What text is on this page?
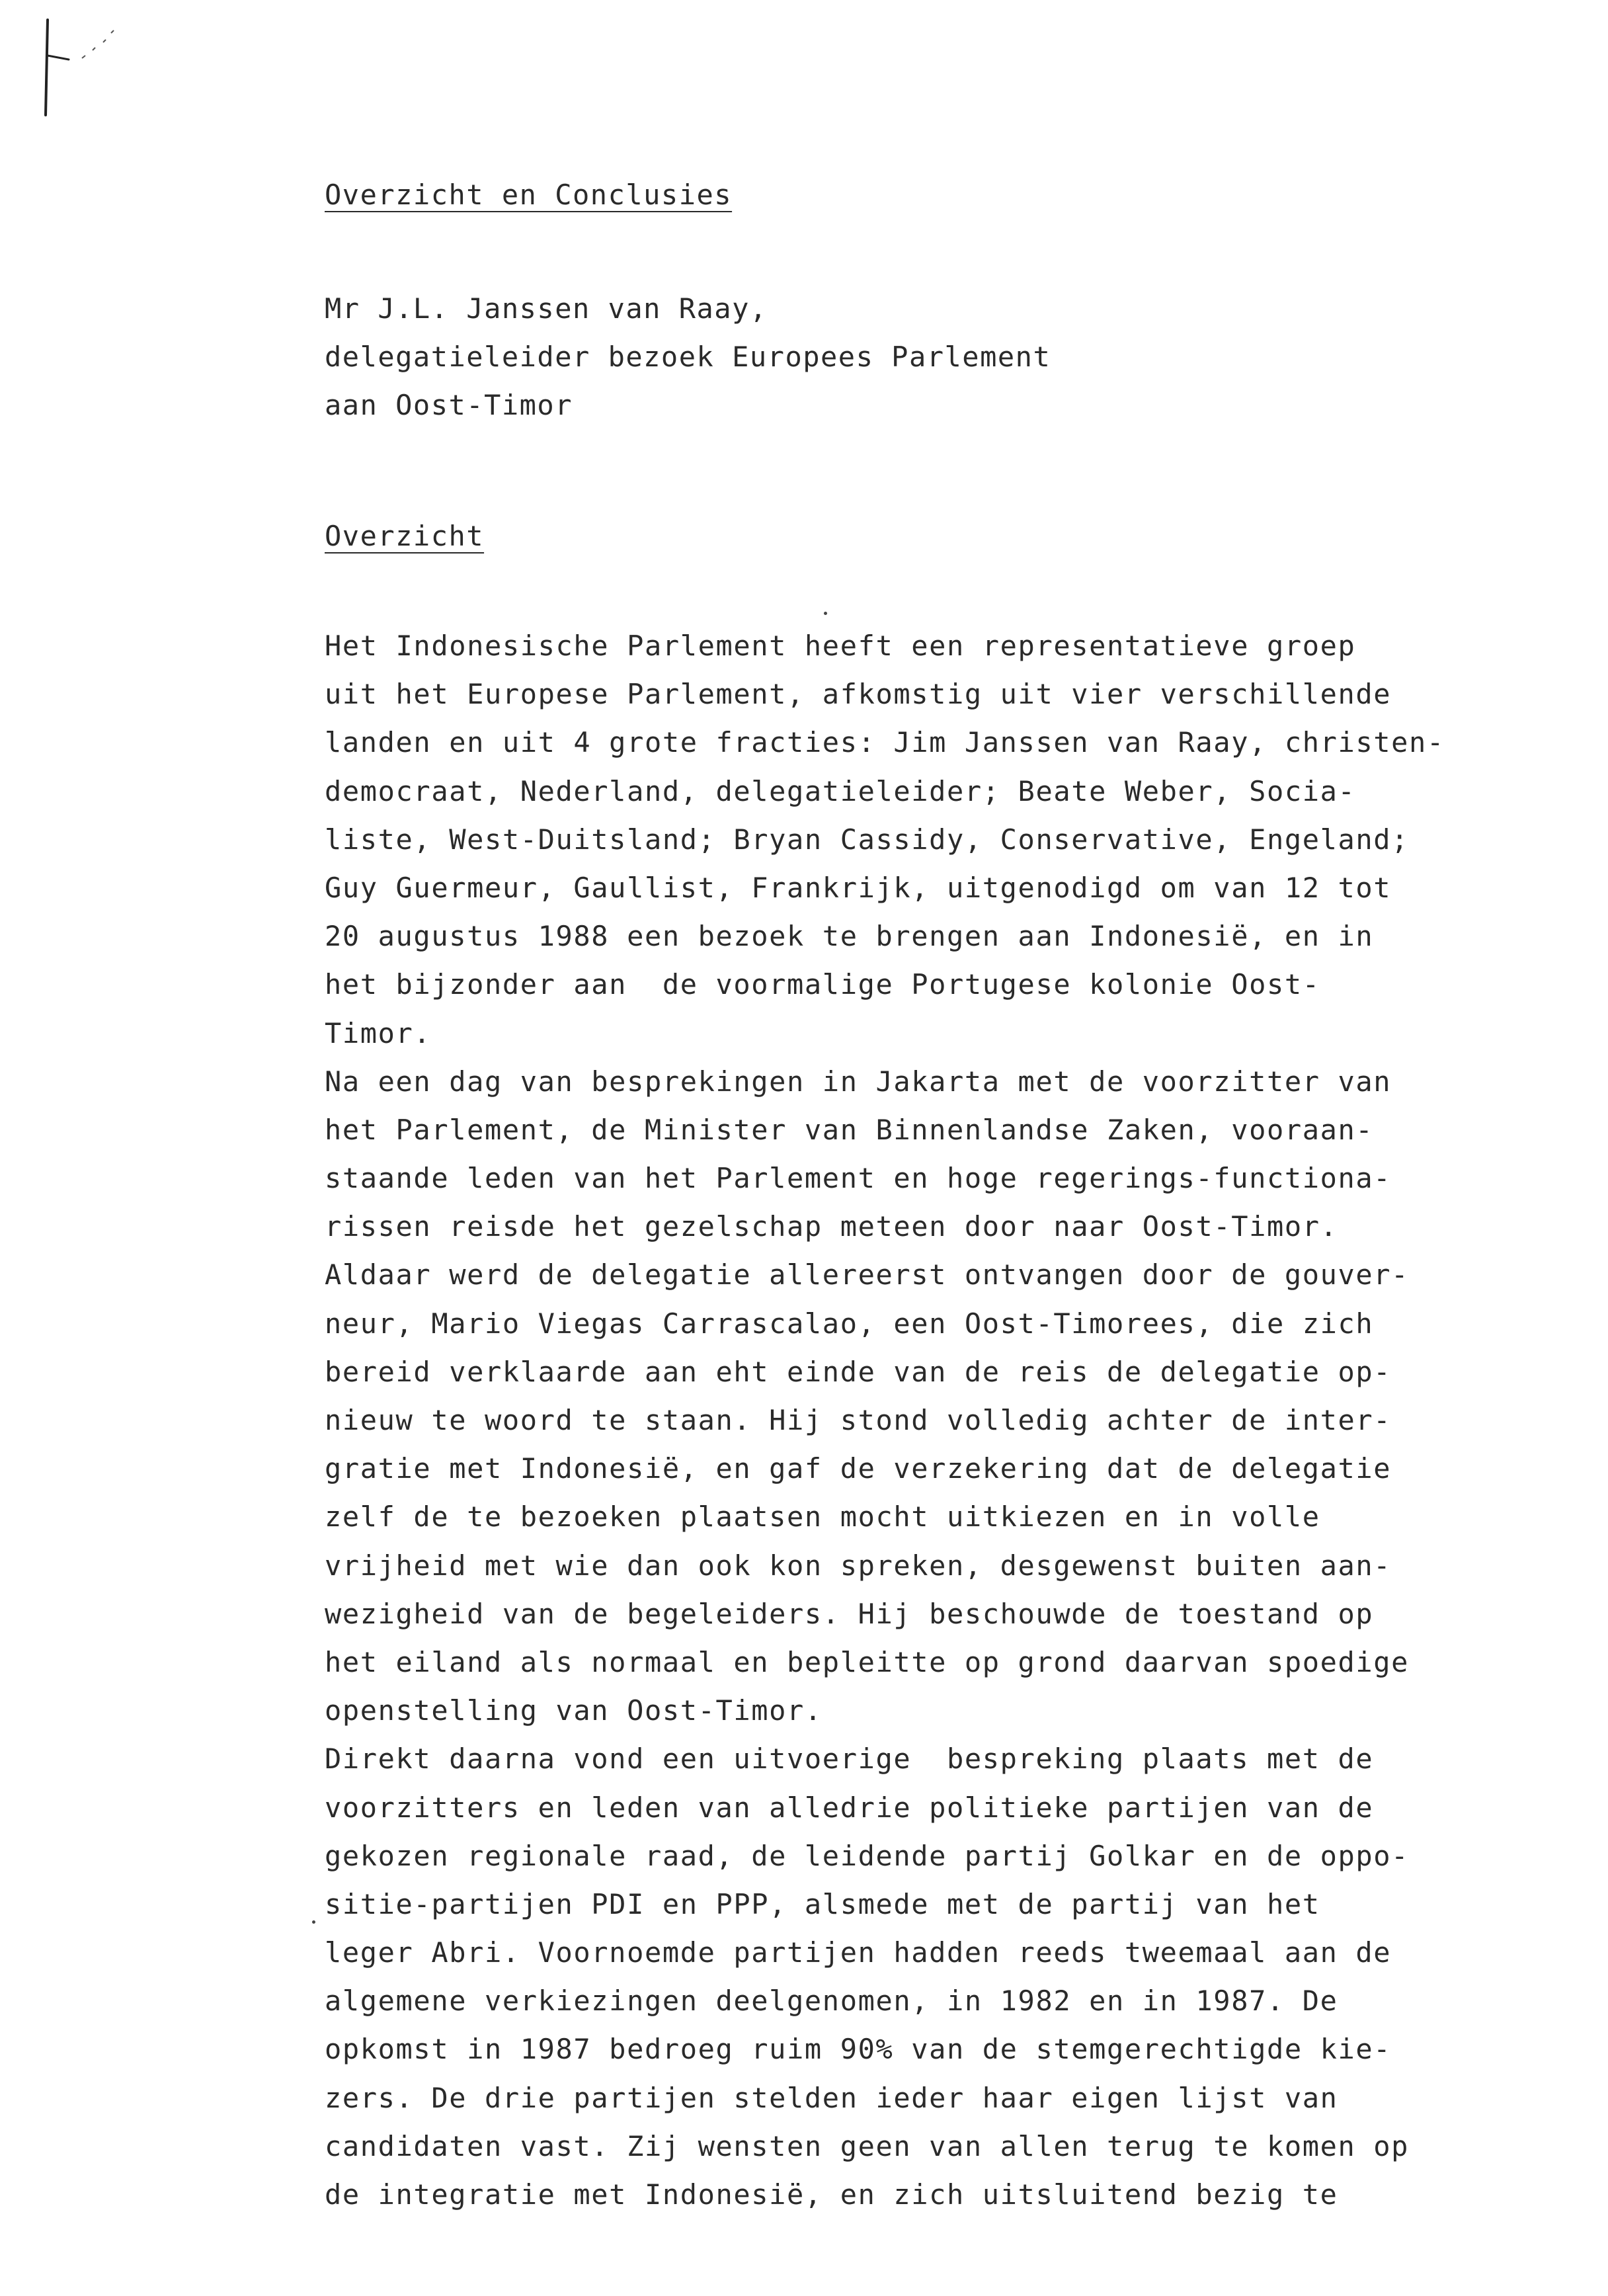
Overzicht en Conclusies
Mr J.L. Janssen van Raay,
delegatieleider bezoek Europees Parlement
aan Oost-Timor
Overzicht
Het Indonesische Parlement heeft een representatieve groep
uit het Europese Parlement, afkomstig uit vier verschillende
landen en uit 4 grote fracties: Jim Janssen van Raay, christen-
democraat, Nederland, delegatieleider; Beate Weber, Socia-
liste, West-Duitsland; Bryan Cassidy, Conservative, Engeland;
Guy Guermeur, Gaullist, Frankrijk, uitgenodigd om van 12 tot
20 augustus 1988 een bezoek te brengen aan Indonesië, en in
het bijzonder aan  de voormalige Portugese kolonie Oost-
Timor.
Na een dag van besprekingen in Jakarta met de voorzitter van
het Parlement, de Minister van Binnenlandse Zaken, vooraan-
staande leden van het Parlement en hoge regerings-functiona-
rissen reisde het gezelschap meteen door naar Oost-Timor.
Aldaar werd de delegatie allereerst ontvangen door de gouver-
neur, Mario Viegas Carrascalao, een Oost-Timorees, die zich
bereid verklaarde aan eht einde van de reis de delegatie op-
nieuw te woord te staan. Hij stond volledig achter de inter-
gratie met Indonesië, en gaf de verzekering dat de delegatie
zelf de te bezoeken plaatsen mocht uitkiezen en in volle
vrijheid met wie dan ook kon spreken, desgewenst buiten aan-
wezigheid van de begeleiders. Hij beschouwde de toestand op
het eiland als normaal en bepleitte op grond daarvan spoedige
openstelling van Oost-Timor.
Direkt daarna vond een uitvoerige  bespreking plaats met de
voorzitters en leden van alledrie politieke partijen van de
gekozen regionale raad, de leidende partij Golkar en de oppo-
sitie-partijen PDI en PPP, alsmede met de partij van het
leger Abri. Voornoemde partijen hadden reeds tweemaal aan de
algemene verkiezingen deelgenomen, in 1982 en in 1987. De
opkomst in 1987 bedroeg ruim 90% van de stemgerechtigde kie-
zers. De drie partijen stelden ieder haar eigen lijst van
candidaten vast. Zij wensten geen van allen terug te komen op
de integratie met Indonesië, en zich uitsluitend bezig te
